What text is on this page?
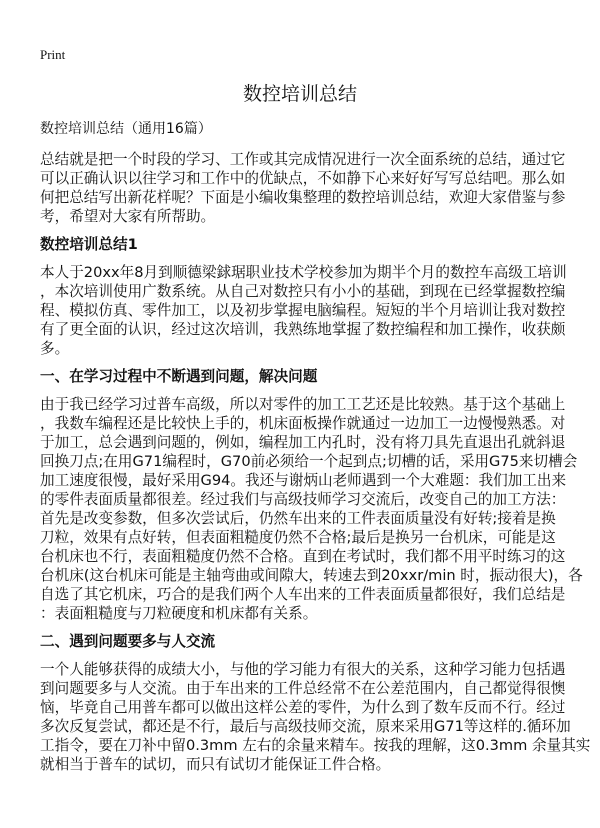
Print
数控培训总结
数控培训总结（通用16篇）
总结就是把一个时段的学习、工作或其完成情况进行一次全面系统的总结，通过它
可以正确认识以往学习和工作中的优缺点，不如静下心来好好写写总结吧。那么如
何把总结写出新花样呢？下面是小编收集整理的数控培训总结，欢迎大家借鉴与参
考，希望对大家有所帮助。
数控培训总结1
本人于20xx年8月到顺德梁銶琚职业技术学校参加为期半个月的数控车高级工培训
，本次培训使用广数系统。从自己对数控只有小小的基础，到现在已经掌握数控编
程、模拟仿真、零件加工，以及初步掌握电脑编程。短短的半个月培训让我对数控
有了更全面的认识，经过这次培训，我熟练地掌握了数控编程和加工操作，收获颇
多。
一、在学习过程中不断遇到问题，解决问题
由于我已经学习过普车高级，所以对零件的加工工艺还是比较熟。基于这个基础上
，我数车编程还是比较快上手的，机床面板操作就通过一边加工一边慢慢熟悉。对
于加工，总会遇到问题的，例如，编程加工内孔时，没有将刀具先直退出孔就斜退
回换刀点;在用G71编程时，G70前必须给一个起到点;切槽的话，采用G75来切槽会
加工速度很慢，最好采用G94。我还与谢炳山老师遇到一个大难题：我们加工出来
的零件表面质量都很差。经过我们与高级技师学习交流后，改变自己的加工方法：
首先是改变参数，但多次尝试后，仍然车出来的工件表面质量没有好转;接着是换
刀粒，效果有点好转，但表面粗糙度仍然不合格;最后是换另一台机床，可能是这
台机床也不行，表面粗糙度仍然不合格。直到在考试时，我们都不用平时练习的这
台机床(这台机床可能是主轴弯曲或间隙大，转速去到20xxr/min 时，振动很大)，各
自选了其它机床，巧合的是我们两个人车出来的工件表面质量都很好，我们总结是
：表面粗糙度与刀粒硬度和机床都有关系。
二、遇到问题要多与人交流
一个人能够获得的成绩大小，与他的学习能力有很大的关系，这种学习能力包括遇
到问题要多与人交流。由于车出来的工件总经常不在公差范围内，自己都觉得很懊
恼，毕竟自己用普车都可以做出这样公差的零件，为什么到了数车反而不行。经过
多次反复尝试，都还是不行，最后与高级技师交流，原来采用G71等这样的.循环加
工指令，要在刀补中留0.3mm 左右的余量来精车。按我的理解，这0.3mm 余量其实
就相当于普车的试切，而只有试切才能保证工件合格。
